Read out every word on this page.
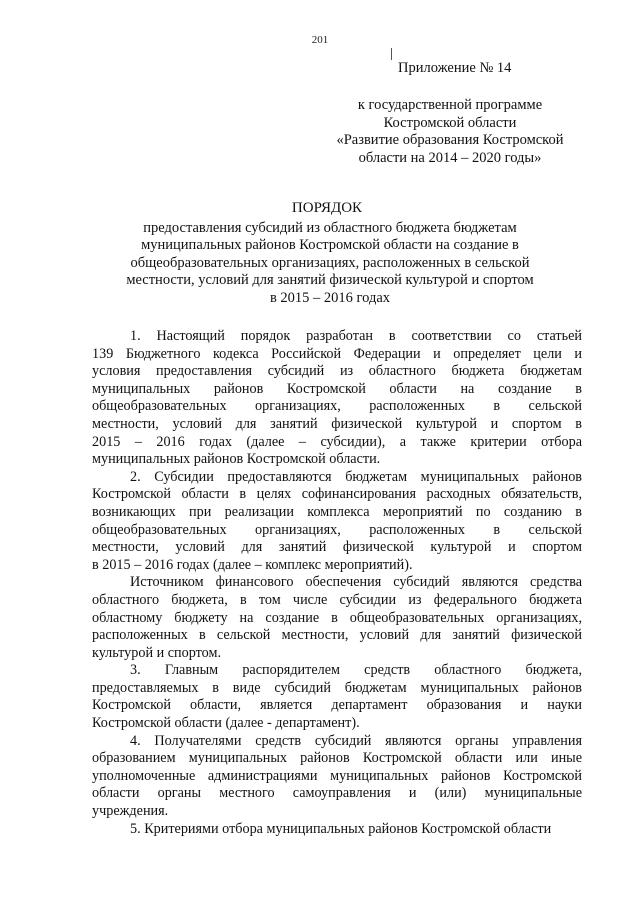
201
Приложение № 14
к государственной программе
Костромской области
«Развитие образования Костромской
области на 2014 – 2020 годы»
ПОРЯДОК
предоставления субсидий из областного бюджета бюджетам
муниципальных районов Костромской области на создание в
общеобразовательных организациях, расположенных в сельской
местности, условий для занятий физической культурой и спортом
в 2015 – 2016 годах
1. Настоящий порядок разработан в соответствии со статьей
139 Бюджетного кодекса Российской Федерации и определяет цели и
условия предоставления субсидий из областного бюджета бюджетам
муниципальных районов Костромской области на создание в
общеобразовательных организациях, расположенных в сельской
местности, условий для занятий физической культурой и спортом в
2015 – 2016 годах (далее – субсидии), а также критерии отбора
муниципальных районов Костромской области.
2. Субсидии предоставляются бюджетам муниципальных районов
Костромской области в целях софинансирования расходных обязательств,
возникающих при реализации комплекса мероприятий по созданию в
общеобразовательных организациях, расположенных в сельской
местности, условий для занятий физической культурой и спортом
в 2015 – 2016 годах (далее – комплекс мероприятий).
Источником финансового обеспечения субсидий являются средства
областного бюджета, в том числе субсидии из федерального бюджета
областному бюджету на создание в общеобразовательных организациях,
расположенных в сельской местности, условий для занятий физической
культурой и спортом.
3. Главным распорядителем средств областного бюджета,
предоставляемых в виде субсидий бюджетам муниципальных районов
Костромской области, является департамент образования и науки
Костромской области (далее - департамент).
4. Получателями средств субсидий являются органы управления
образованием муниципальных районов Костромской области или иные
уполномоченные администрациями муниципальных районов Костромской
области органы местного самоуправления и (или) муниципальные
учреждения.
5. Критериями отбора муниципальных районов Костромской области
